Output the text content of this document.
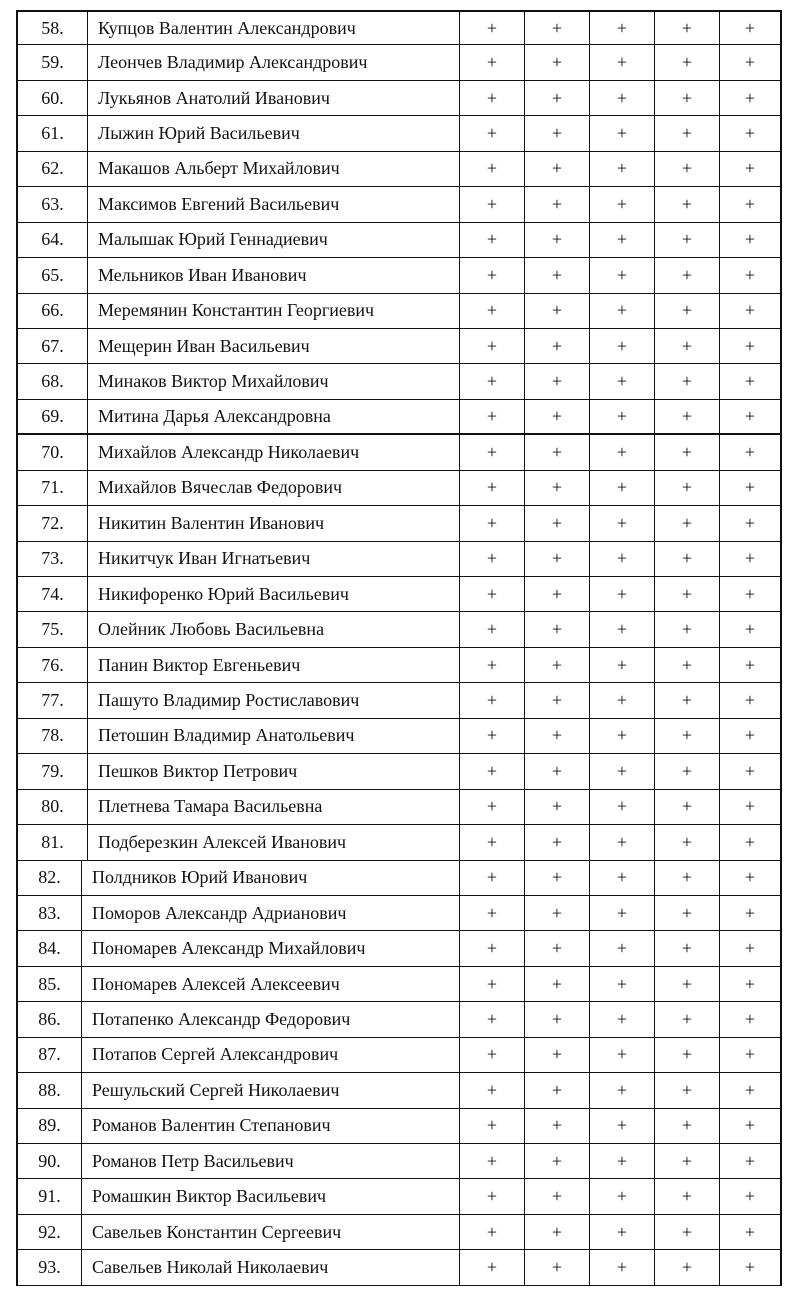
58.	Купцов Валентин Александрович	+	+	+	+	+
59.	Леончев Владимир Александрович	+	+	+	+	+
60.	Лукьянов Анатолий Иванович	+	+	+	+	+
61.	Лыжин Юрий Васильевич	+	+	+	+	+
62.	Макашов Альберт Михайлович	+	+	+	+	+
63.	Максимов Евгений Васильевич	+	+	+	+	+
64.	Малышак Юрий Геннадиевич	+	+	+	+	+
65.	Мельников Иван Иванович	+	+	+	+	+
66.	Меремянин Константин Георгиевич	+	+	+	+	+
67.	Мещерин Иван Васильевич	+	+	+	+	+
68.	Минаков Виктор Михайлович	+	+	+	+	+
69.	Митина Дарья Александровна	+	+	+	+	+
70.	Михайлов Александр Николаевич	+	+	+	+	+
71.	Михайлов Вячеслав Федорович	+	+	+	+	+
72.	Никитин Валентин Иванович	+	+	+	+	+
73.	Никитчук Иван Игнатьевич	+	+	+	+	+
74.	Никифоренко Юрий Васильевич	+	+	+	+	+
75.	Олейник Любовь Васильевна	+	+	+	+	+
76.	Панин Виктор Евгеньевич	+	+	+	+	+
77.	Пашуто Владимир Ростиславович	+	+	+	+	+
78.	Петошин Владимир Анатольевич	+	+	+	+	+
79.	Пешков Виктор Петрович	+	+	+	+	+
80.	Плетнева Тамара Васильевна	+	+	+	+	+
81.	Подберезкин Алексей Иванович	+	+	+	+	+
82.	Полдников Юрий Иванович	+	+	+	+	+
83.	Поморов Александр Адрианович	+	+	+	+	+
84.	Пономарев Александр Михайлович	+	+	+	+	+
85.	Пономарев Алексей Алексеевич	+	+	+	+	+
86.	Потапенко Александр Федорович	+	+	+	+	+
87.	Потапов Сергей Александрович	+	+	+	+	+
88.	Решульский Сергей Николаевич	+	+	+	+	+
89.	Романов Валентин Степанович	+	+	+	+	+
90.	Романов Петр Васильевич	+	+	+	+	+
91.	Ромашкин Виктор Васильевич	+	+	+	+	+
92.	Савельев Константин Сергеевич	+	+	+	+	+
93.	Савельев Николай Николаевич	+	+	+	+	+
